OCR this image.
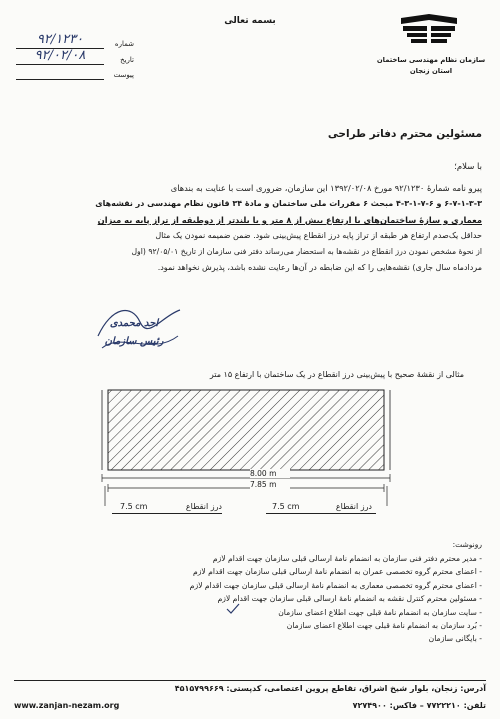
بسمه تعالی
سازمان نظام مهندسی ساختمان
استان زنجان
شماره
۹۲/۱۲۳۰
تاریخ
۹۲/۰۲/۰۸
پیوست
مسئولین محترم دفاتر طراحی
با سلام؛
پیرو نامه شمارهٔ ۹۲/۱۲۳۰ مورخ ۱۳۹۲/۰۲/۰۸ این سازمان، ضروری است با عنایت به بندهای
۶-۷-۱-۳-۳ و ۶-۷-۱-۳-۴ مبحث ۶ مقررات ملی ساختمان و مادهٔ ۳۴ قانون نظام مهندسی در نقشه‌های
معماری و سازهٔ ساختمان‌های با ارتفاع بیش از ۸ متر و یا بلندتر از دوطبقه از تراز پایه به میزان
حداقل یک‌صدم ارتفاع هر طبقه از تراز پایه درز انقطاع پیش‌بینی شود. ضمن ضمیمه نمودن یک مثال
از نحوهٔ مشخص نمودن درز انقطاع در نقشه‌ها به استحضار می‌رساند دفتر فنی سازمان از تاریخ ۹۲/۰۵/۰۱ (اول
مردادماه سال جاری) نقشه‌هایی را که این ضابطه در آن‌ها رعایت نشده باشد، پذیرش نخواهد نمود.
احد محمدی
رئیس سازمان
مثالی از نقشهٔ صحیح با پیش‌بینی درز انقطاع در یک ساختمان با ارتفاع ۱۵ متر
8.00 m
7.85 m
7.5 cm	درز انقطاع	7.5 cm	درز انقطاع
رونوشت:
- مدیر محترم دفتر فنی سازمان به انضمام نامهٔ ارسالی قبلی سازمان جهت اقدام لازم
- اعضای محترم گروه تخصصی عمران به انضمام نامهٔ ارسالی قبلی سازمان جهت اقدام لازم
- اعضای محترم گروه تخصصی معماری به انضمام نامهٔ ارسالی قبلی سازمان جهت اقدام لازم
- مسئولین محترم کنترل نقشه به انضمام نامهٔ ارسالی قبلی سازمان جهت اقدام لازم
- سایت سازمان به انضمام نامهٔ قبلی جهت اطلاع اعضای سازمان
- بُرد سازمان به انضمام نامهٔ قبلی جهت اطلاع اعضای سازمان
- بایگانی سازمان
آدرس: زنجان، بلوار شیخ اشراق، تقاطع پروین اعتصامی، کدپستی: ۴۵۱۵۷۹۹۶۶۹
www.zanjan-nezam.org	تلفن: ۷۷۲۲۲۱۰ – فاکس: ۷۲۷۴۹۰۰
